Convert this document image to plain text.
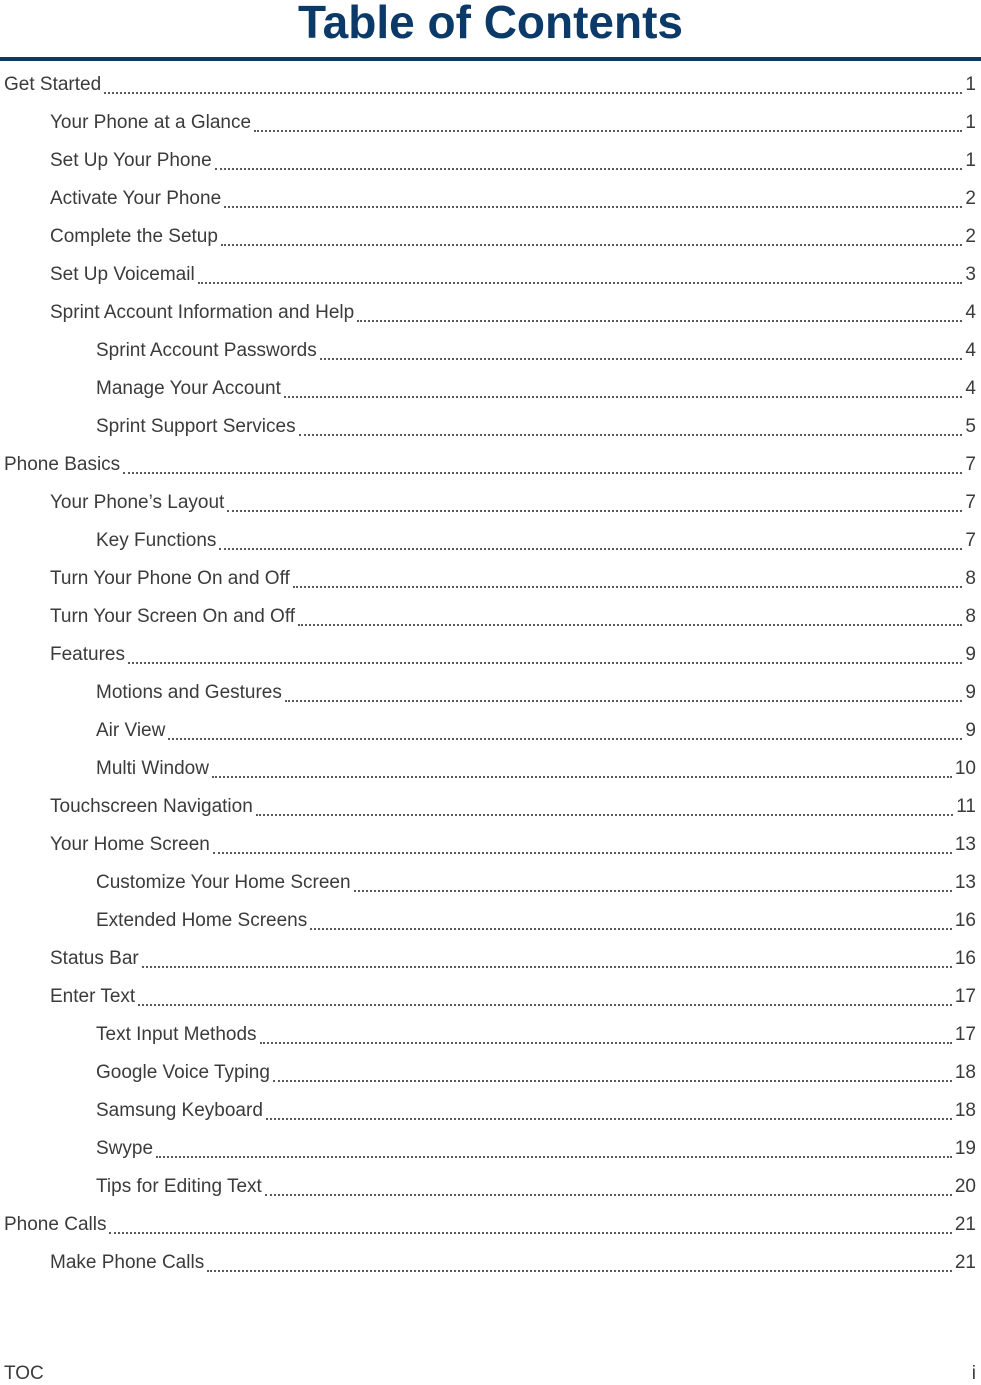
Table of Contents
Get Started	1
Your Phone at a Glance	1
Set Up Your Phone	1
Activate Your Phone	2
Complete the Setup	2
Set Up Voicemail	3
Sprint Account Information and Help	4
Sprint Account Passwords	4
Manage Your Account	4
Sprint Support Services	5
Phone Basics	7
Your Phone’s Layout	7
Key Functions	7
Turn Your Phone On and Off	8
Turn Your Screen On and Off	8
Features	9
Motions and Gestures	9
Air View	9
Multi Window	10
Touchscreen Navigation	11
Your Home Screen	13
Customize Your Home Screen	13
Extended Home Screens	16
Status Bar	16
Enter Text	17
Text Input Methods	17
Google Voice Typing	18
Samsung Keyboard	18
Swype	19
Tips for Editing Text	20
Phone Calls	21
Make Phone Calls	21
TOC	i
